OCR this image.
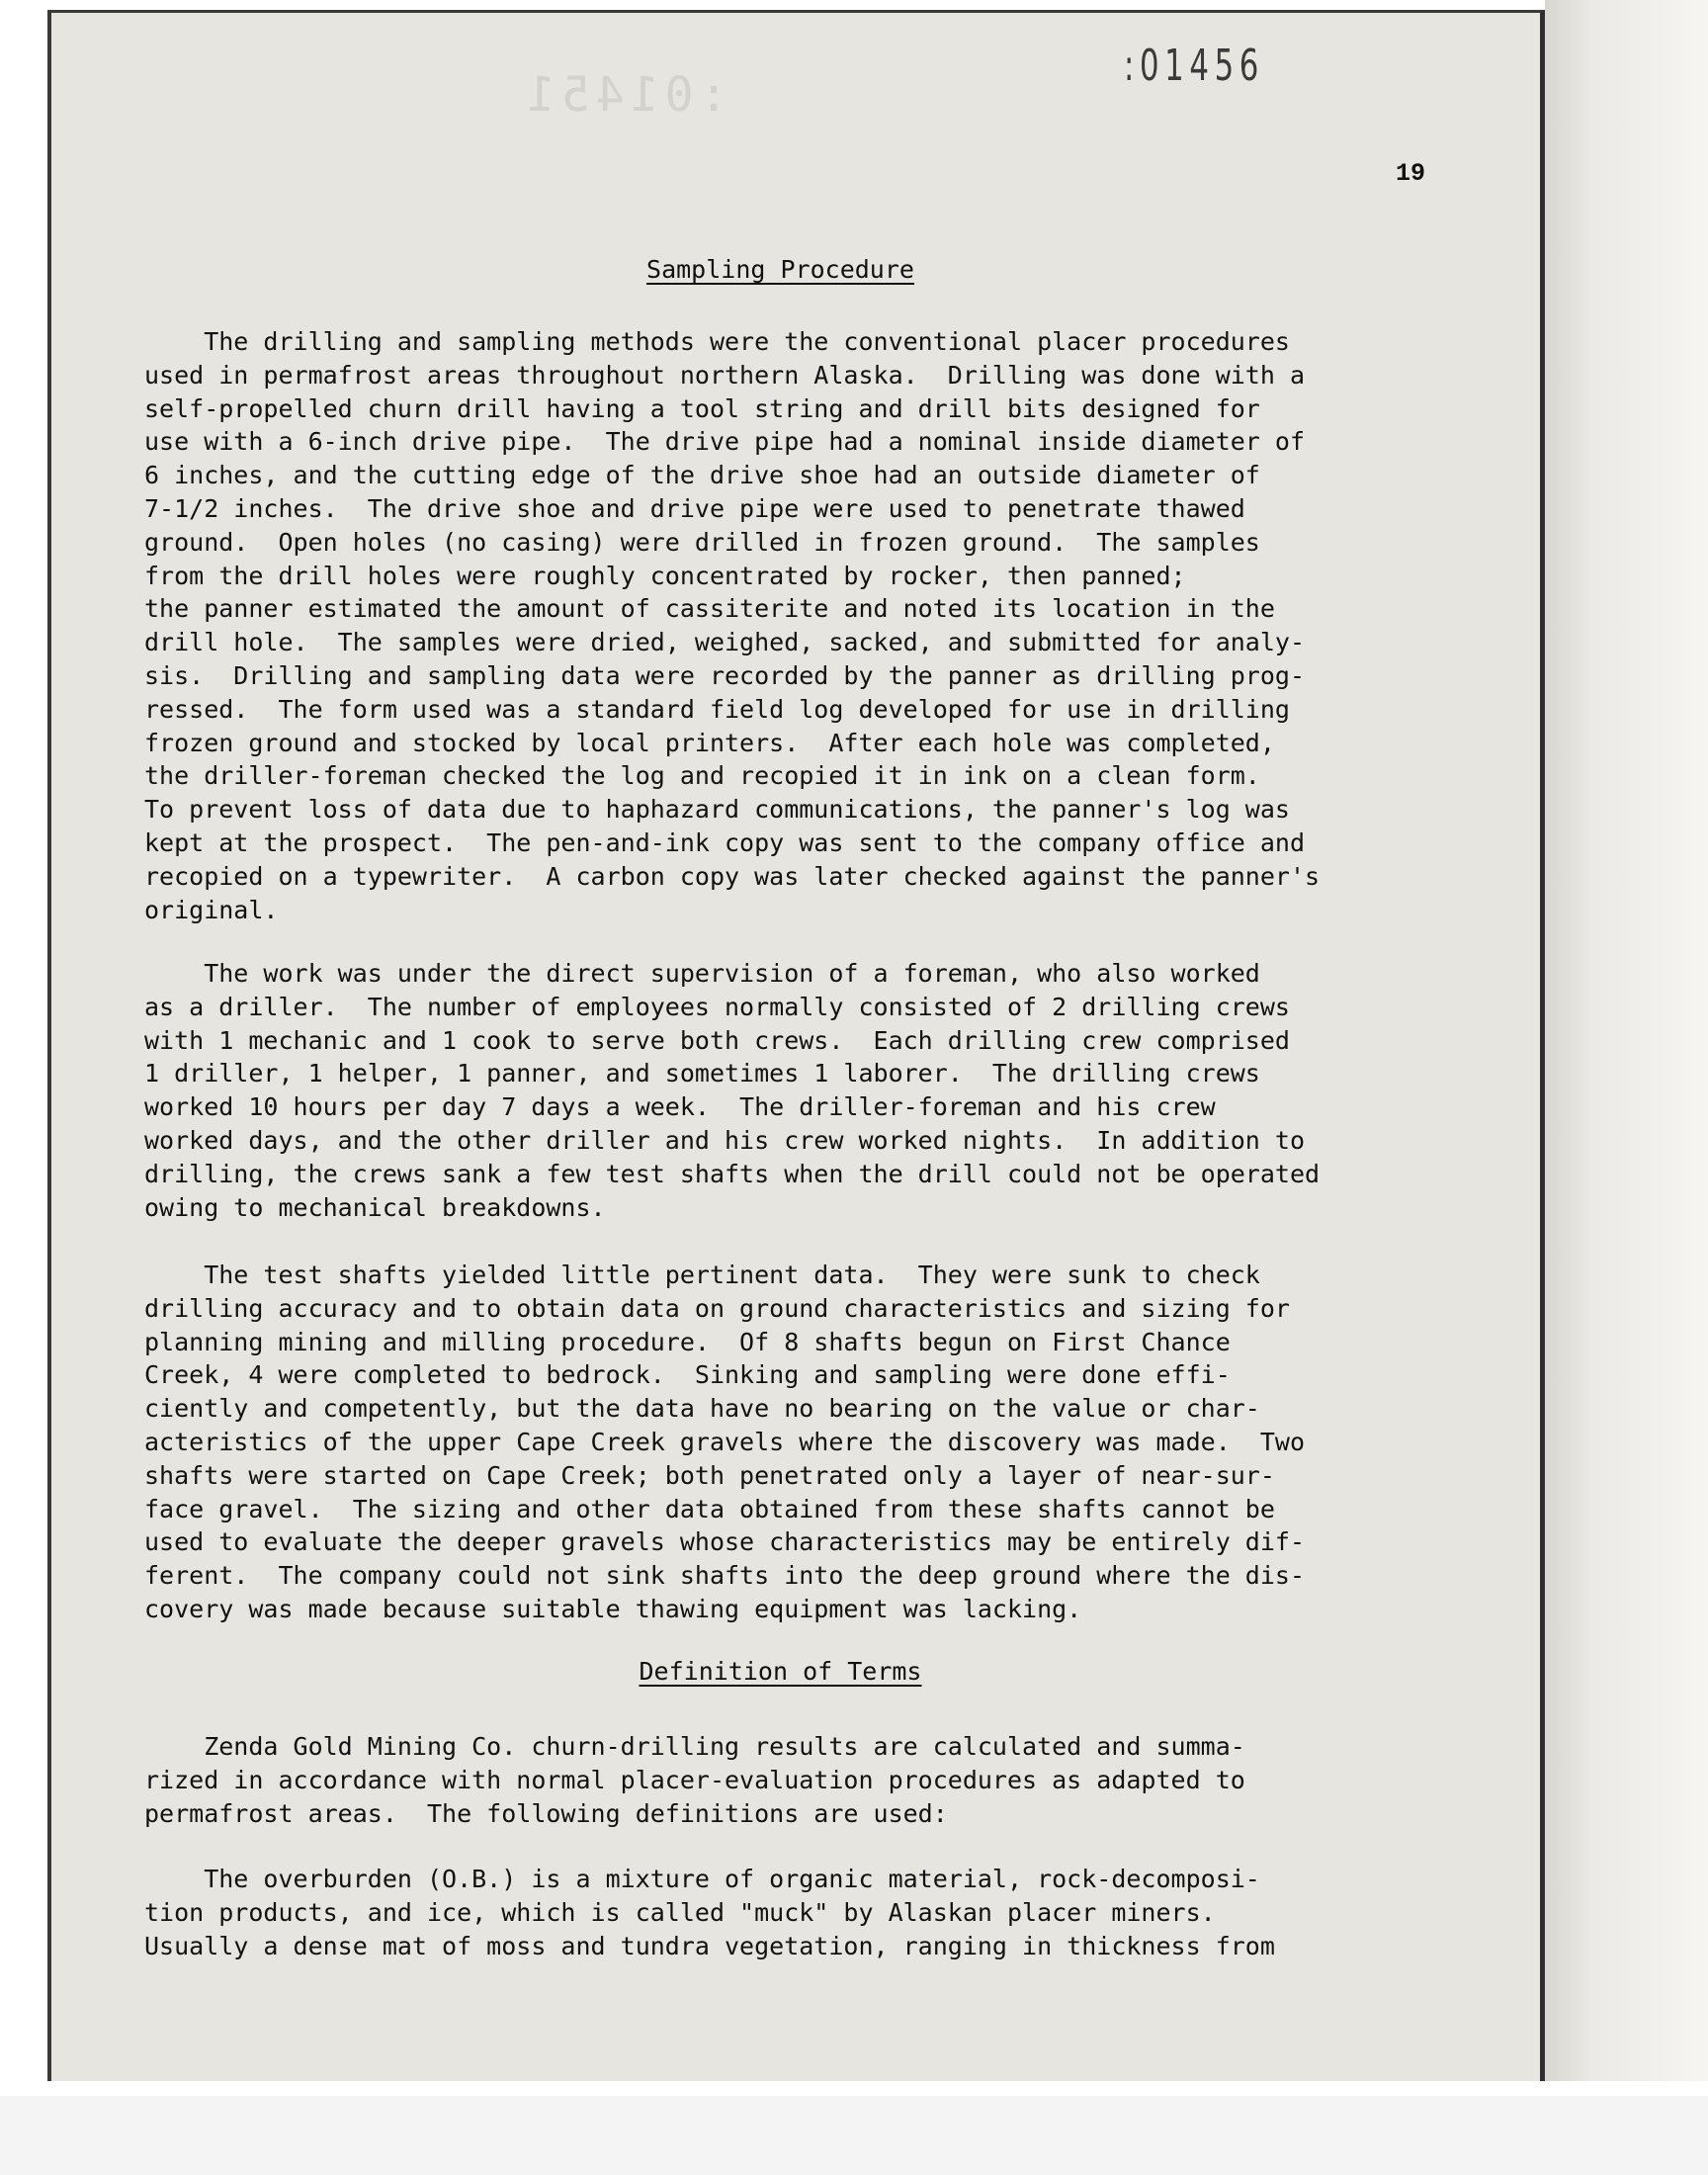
:01451
:01456
19
Sampling Procedure
The drilling and sampling methods were the conventional placer procedures
used in permafrost areas throughout northern Alaska.  Drilling was done with a
self-propelled churn drill having a tool string and drill bits designed for
use with a 6-inch drive pipe.  The drive pipe had a nominal inside diameter of
6 inches, and the cutting edge of the drive shoe had an outside diameter of
7-1/2 inches.  The drive shoe and drive pipe were used to penetrate thawed
ground.  Open holes (no casing) were drilled in frozen ground.  The samples
from the drill holes were roughly concentrated by rocker, then panned;
the panner estimated the amount of cassiterite and noted its location in the
drill hole.  The samples were dried, weighed, sacked, and submitted for analy-
sis.  Drilling and sampling data were recorded by the panner as drilling prog-
ressed.  The form used was a standard field log developed for use in drilling
frozen ground and stocked by local printers.  After each hole was completed,
the driller-foreman checked the log and recopied it in ink on a clean form.
To prevent loss of data due to haphazard communications, the panner's log was
kept at the prospect.  The pen-and-ink copy was sent to the company office and
recopied on a typewriter.  A carbon copy was later checked against the panner's
original.
The work was under the direct supervision of a foreman, who also worked
as a driller.  The number of employees normally consisted of 2 drilling crews
with 1 mechanic and 1 cook to serve both crews.  Each drilling crew comprised
1 driller, 1 helper, 1 panner, and sometimes 1 laborer.  The drilling crews
worked 10 hours per day 7 days a week.  The driller-foreman and his crew
worked days, and the other driller and his crew worked nights.  In addition to
drilling, the crews sank a few test shafts when the drill could not be operated
owing to mechanical breakdowns.
The test shafts yielded little pertinent data.  They were sunk to check
drilling accuracy and to obtain data on ground characteristics and sizing for
planning mining and milling procedure.  Of 8 shafts begun on First Chance
Creek, 4 were completed to bedrock.  Sinking and sampling were done effi-
ciently and competently, but the data have no bearing on the value or char-
acteristics of the upper Cape Creek gravels where the discovery was made.  Two
shafts were started on Cape Creek; both penetrated only a layer of near-sur-
face gravel.  The sizing and other data obtained from these shafts cannot be
used to evaluate the deeper gravels whose characteristics may be entirely dif-
ferent.  The company could not sink shafts into the deep ground where the dis-
covery was made because suitable thawing equipment was lacking.
Definition of Terms
Zenda Gold Mining Co. churn-drilling results are calculated and summa-
rized in accordance with normal placer-evaluation procedures as adapted to
permafrost areas.  The following definitions are used:
The overburden (O.B.) is a mixture of organic material, rock-decomposi-
tion products, and ice, which is called "muck" by Alaskan placer miners.
Usually a dense mat of moss and tundra vegetation, ranging in thickness from
